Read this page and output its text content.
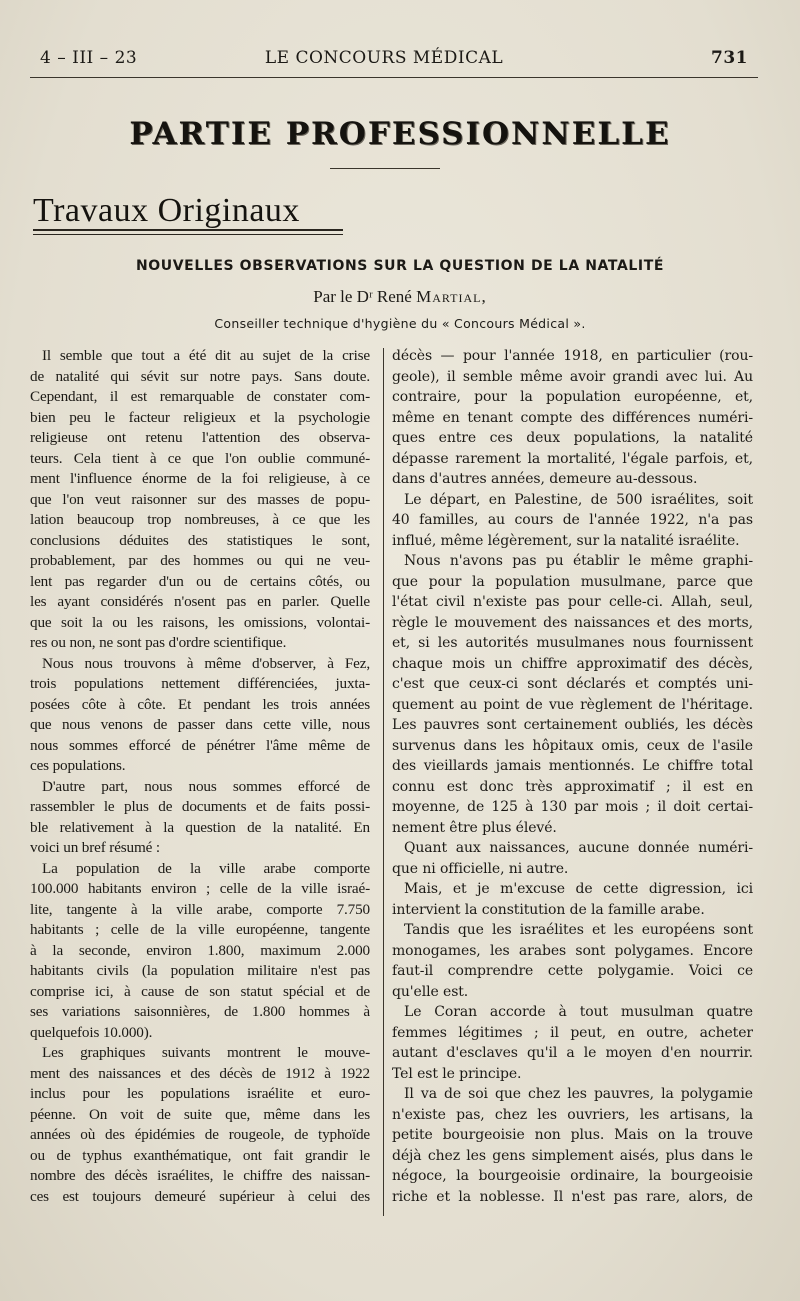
4 – III – 23	LE CONCOURS MÉDICAL	731
PARTIE PROFESSIONNELLE
Travaux Originaux
NOUVELLES OBSERVATIONS SUR LA QUESTION DE LA NATALITÉ
Par le Dʳ René Martial,
Conseiller technique d'hygiène du « Concours Médical ».
Il semble que tout a été dit au sujet de la crise
de natalité qui sévit sur notre pays. Sans doute.
Cependant, il est remarquable de constater com-
bien peu le facteur religieux et la psychologie
religieuse ont retenu l'attention des observa-
teurs. Cela tient à ce que l'on oublie communé-
ment l'influence énorme de la foi religieuse, à ce
que l'on veut raisonner sur des masses de popu-
lation beaucoup trop nombreuses, à ce que les
conclusions déduites des statistiques le sont,
probablement, par des hommes ou qui ne veu-
lent pas regarder d'un ou de certains côtés, ou
les ayant considérés n'osent pas en parler. Quelle
que soit la ou les raisons, les omissions, volontai-
res ou non, ne sont pas d'ordre scientifique.
Nous nous trouvons à même d'observer, à Fez,
trois populations nettement différenciées, juxta-
posées côte à côte. Et pendant les trois années
que nous venons de passer dans cette ville, nous
nous sommes efforcé de pénétrer l'âme même de
ces populations.
D'autre part, nous nous sommes efforcé de
rassembler le plus de documents et de faits possi-
ble relativement à la question de la natalité. En
voici un bref résumé :
La population de la ville arabe comporte
100.000 habitants environ ; celle de la ville israé-
lite, tangente à la ville arabe, comporte 7.750
habitants ; celle de la ville européenne, tangente
à la seconde, environ 1.800, maximum 2.000
habitants civils (la population militaire n'est pas
comprise ici, à cause de son statut spécial et de
ses variations saisonnières, de 1.800 hommes à
quelquefois 10.000).
Les graphiques suivants montrent le mouve-
ment des naissances et des décès de 1912 à 1922
inclus pour les populations israélite et euro-
péenne. On voit de suite que, même dans les
années où des épidémies de rougeole, de typhoïde
ou de typhus exanthématique, ont fait grandir le
nombre des décès israélites, le chiffre des naissan-
ces est toujours demeuré supérieur à celui des
décès — pour l'année 1918, en particulier (rou-
geole), il semble même avoir grandi avec lui. Au
contraire, pour la population européenne, et,
même en tenant compte des différences numéri-
ques entre ces deux populations, la natalité
dépasse rarement la mortalité, l'égale parfois, et,
dans d'autres années, demeure au-dessous.
Le départ, en Palestine, de 500 israélites, soit
40 familles, au cours de l'année 1922, n'a pas
influé, même légèrement, sur la natalité israélite.
Nous n'avons pas pu établir le même graphi-
que pour la population musulmane, parce que
l'état civil n'existe pas pour celle-ci. Allah, seul,
règle le mouvement des naissances et des morts,
et, si les autorités musulmanes nous fournissent
chaque mois un chiffre approximatif des décès,
c'est que ceux-ci sont déclarés et comptés uni-
quement au point de vue règlement de l'héritage.
Les pauvres sont certainement oubliés, les décès
survenus dans les hôpitaux omis, ceux de l'asile
des vieillards jamais mentionnés. Le chiffre total
connu est donc très approximatif ; il est en
moyenne, de 125 à 130 par mois ; il doit certai-
nement être plus élevé.
Quant aux naissances, aucune donnée numéri-
que ni officielle, ni autre.
Mais, et je m'excuse de cette digression, ici
intervient la constitution de la famille arabe.
Tandis que les israélites et les européens sont
monogames, les arabes sont polygames. Encore
faut-il comprendre cette polygamie. Voici ce
qu'elle est.
Le Coran accorde à tout musulman quatre
femmes légitimes ; il peut, en outre, acheter
autant d'esclaves qu'il a le moyen d'en nourrir.
Tel est le principe.
Il va de soi que chez les pauvres, la polygamie
n'existe pas, chez les ouvriers, les artisans, la
petite bourgeoisie non plus. Mais on la trouve
déjà chez les gens simplement aisés, plus dans le
négoce, la bourgeoisie ordinaire, la bourgeoisie
riche et la noblesse. Il n'est pas rare, alors, de
